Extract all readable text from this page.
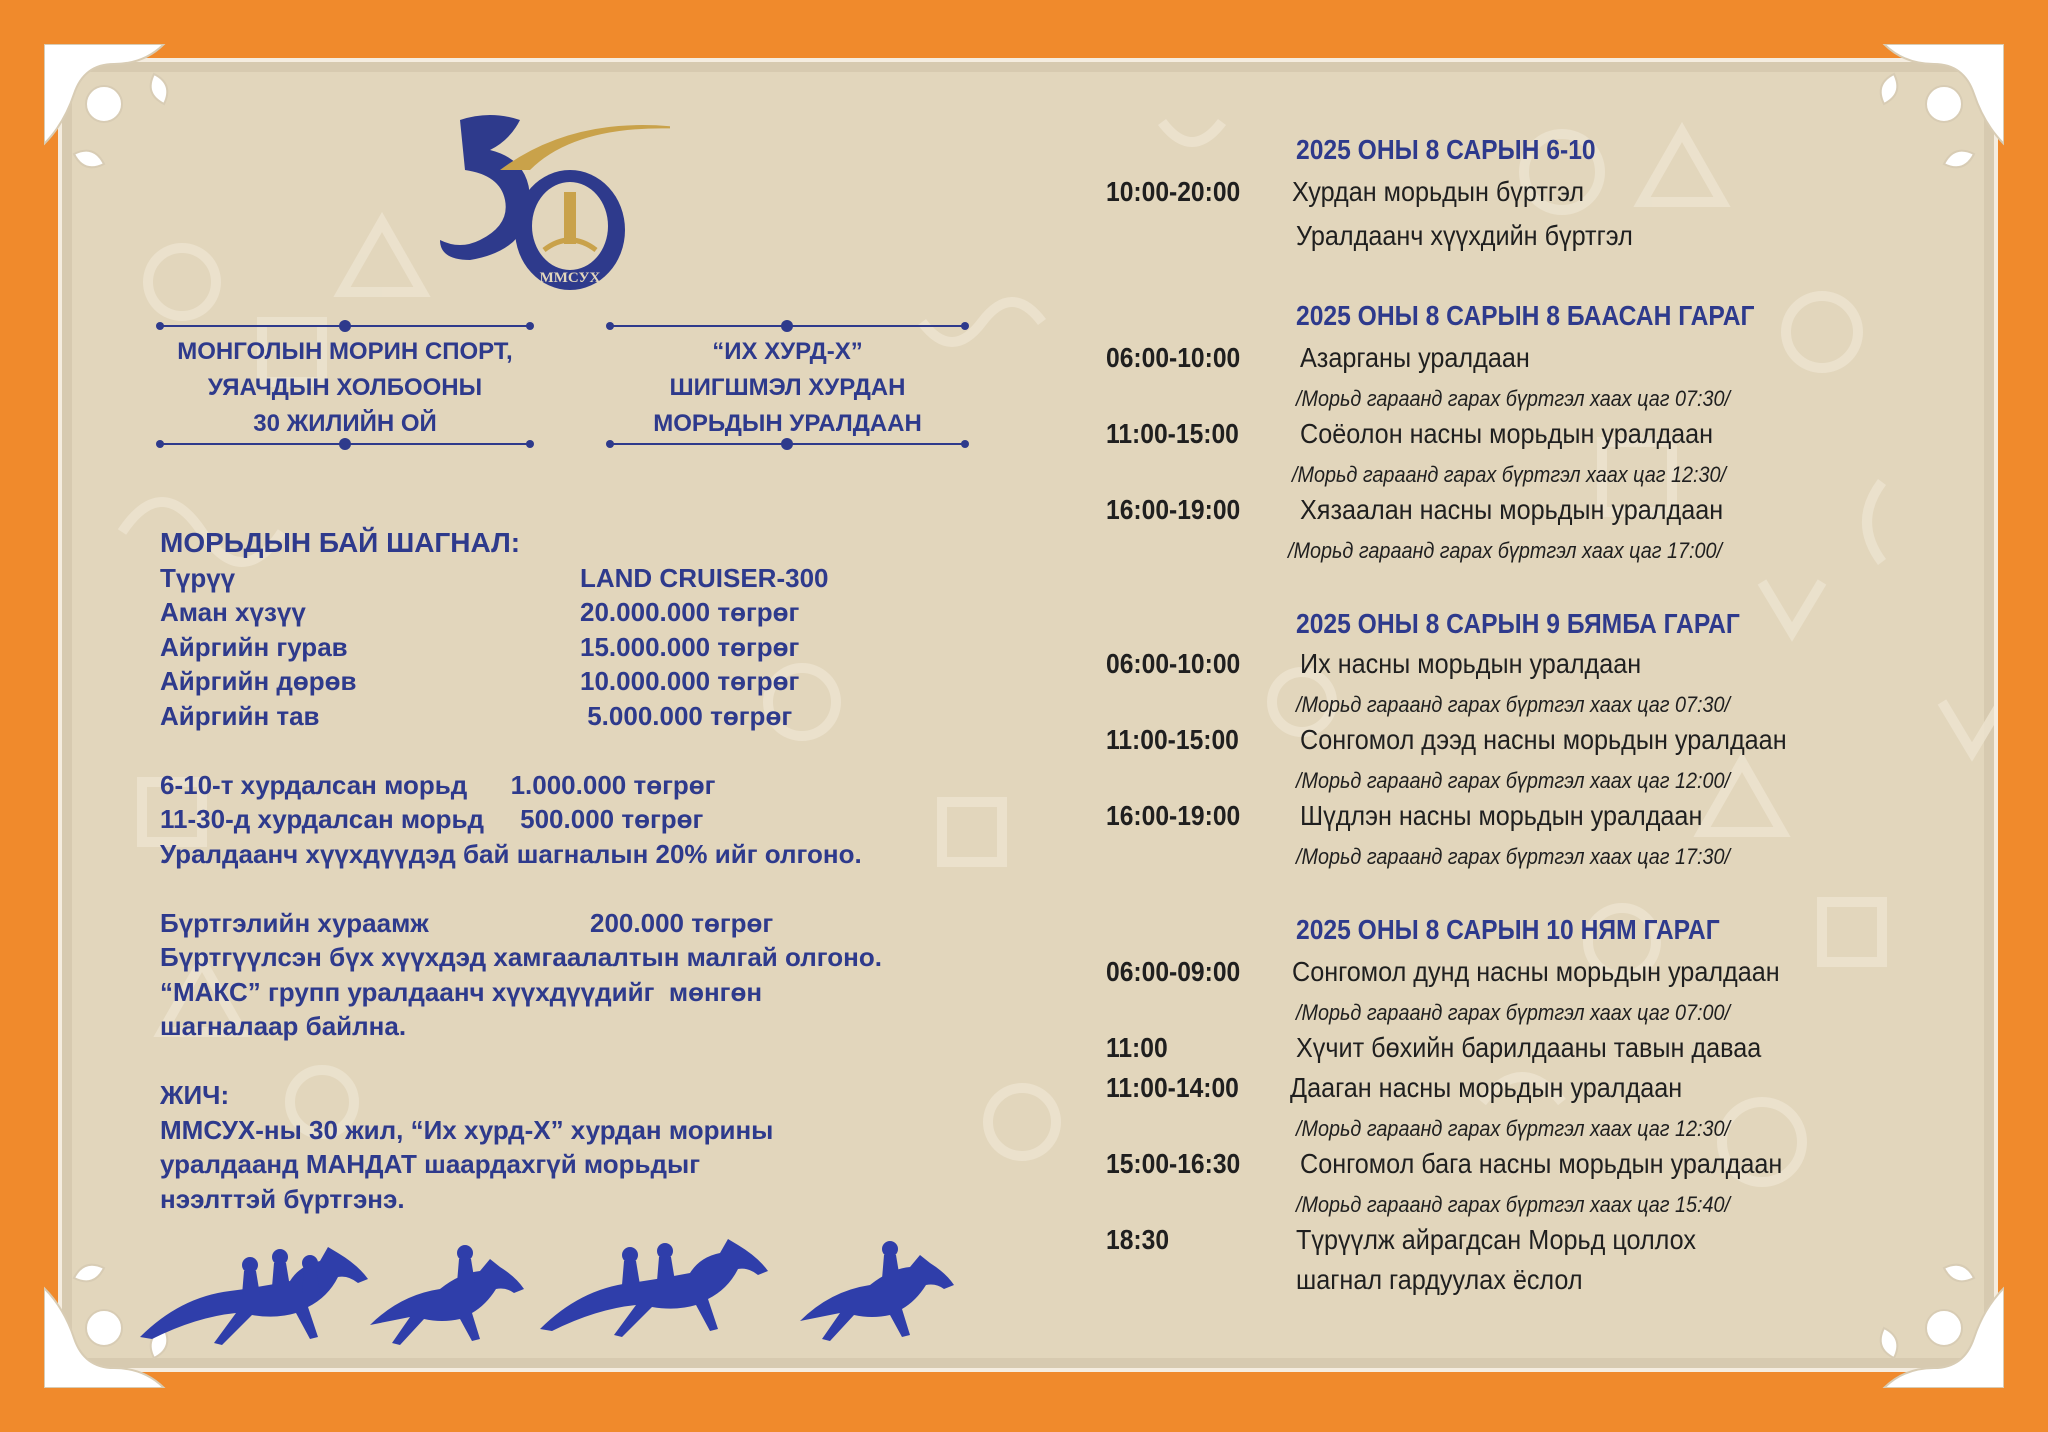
ММСУХ
МОНГОЛЫН МОРИН СПОРТ,
УЯАЧДЫН ХОЛБООНЫ
30 ЖИЛИЙН ОЙ
“ИХ ХУРД-Х”
ШИГШМЭЛ ХУРДАН
МОРЬДЫН УРАЛДААН
МОРЬДЫН БАЙ ШАГНАЛ:
Түрүү	LAND CRUISER-300
Аман хүзүү	20.000.000 төгрөг
Айргийн гурав	15.000.000 төгрөг
Айргийн дөрөв	10.000.000 төгрөг
Айргийн тав	5.000.000 төгрөг
6-10-т хурдалсан морьд      1.000.000 төгрөг
11-30-д хурдалсан морьд     500.000 төгрөг
Уралдаанч хүүхдүүдэд бай шагналын 20% ийг олгоно.
Бүртгэлийн хураамж	200.000 төгрөг
Бүртгүүлсэн бүх хүүхдэд хамгаалалтын малгай олгоно.
“МАКС” групп уралдаанч хүүхдүүдийг  мөнгөн
шагналаар байлна.
ЖИЧ:
ММСУХ-ны 30 жил, “Их хурд-Х” хурдан морины
уралдаанд МАНДАТ шаардахгүй морьдыг
нээлттэй бүртгэнэ.
2025 ОНЫ 8 САРЫН 6-10
10:00-20:00 Хурдан морьдын бүртгэл
Уралдаанч хүүхдийн бүртгэл
2025 ОНЫ 8 САРЫН 8 БААСАН ГАРАГ
06:00-10:00 Азарганы уралдаан
/Морьд гарaанд гарах бүртгэл хаах цаг 07:30/
11:00-15:00 Соёолон насны морьдын уралдаан
/Морьд гарaанд гарах бүртгэл хаах цаг 12:30/
16:00-19:00 Хязаалан насны морьдын уралдаан
/Морьд гарaанд гарах бүртгэл хаах цаг 17:00/
2025 ОНЫ 8 САРЫН 9 БЯМБА ГАРАГ
06:00-10:00 Их насны морьдын уралдаан
/Морьд гарaанд гарах бүртгэл хаах цаг 07:30/
11:00-15:00 Сонгомол дээд насны морьдын уралдаан
/Морьд гарaанд гарах бүртгэл хаах цаг 12:00/
16:00-19:00 Шүдлэн насны морьдын уралдаан
/Морьд гарaанд гарах бүртгэл хаах цаг 17:30/
2025 ОНЫ 8 САРЫН 10 НЯМ ГАРАГ
06:00-09:00 Сонгомол дунд насны морьдын уралдаан
/Морьд гарaанд гарах бүртгэл хаах цаг 07:00/
11:00	Хүчит бөхийн барилдааны тавын даваа
11:00-14:00 Дааган насны морьдын уралдаан
/Морьд гарaанд гарах бүртгэл хаах цаг 12:30/
15:00-16:30 Сонгомол бага насны морьдын уралдаан
/Морьд гарaанд гарах бүртгэл хаах цаг 15:40/
18:30	Түрүүлж айрагдсан Морьд цоллох
шагнал гардуулах ёслол
